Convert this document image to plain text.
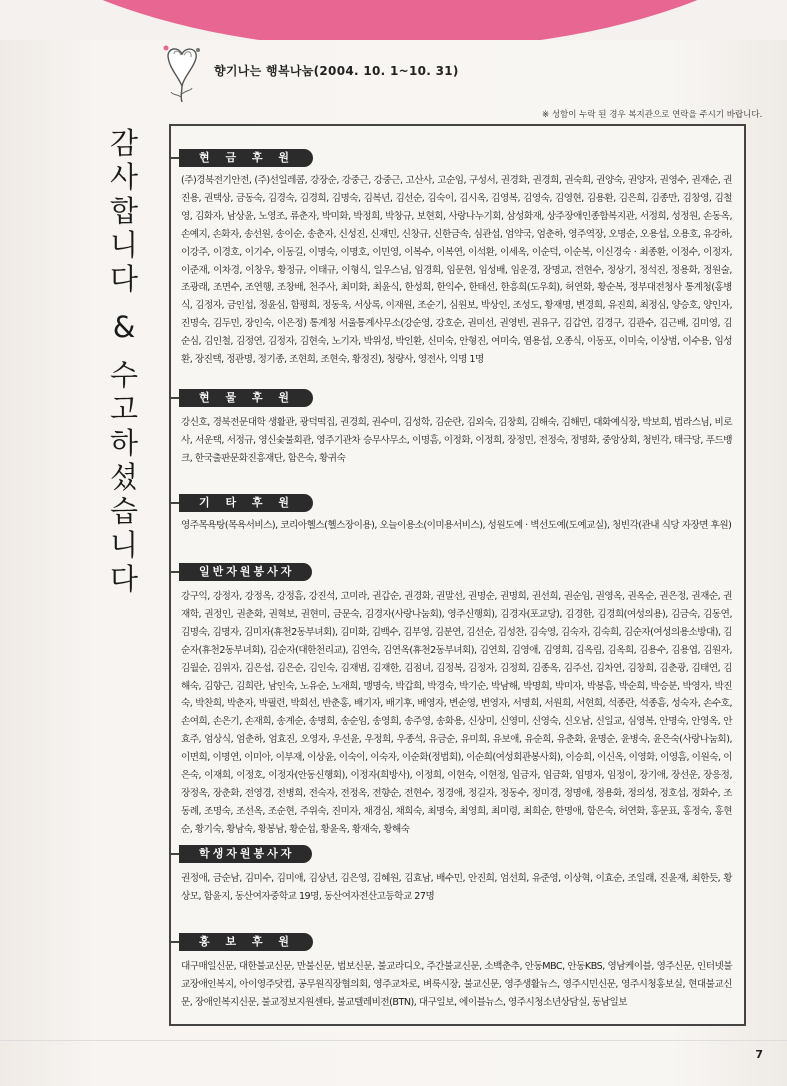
향기나는 행복나눔(2004. 10. 1~10. 31)
※ 성함이 누락 된 경우 복지관으로 연락을 주시기 바랍니다.
감
사
합
니
다
&
수
고
하
셨
습
니
다
현 금 후 원
(주)경북전기안전, (주)선일레콤, 강장순, 강중근, 강중근, 고산사, 고순임, 구성서, 권경화, 권경희, 권숙희, 권양숙, 권양자, 권영수, 권재순, 권진용, 권택상, 금동숙, 김경숙, 김경희, 김명숙, 김복년, 김선순, 김숙이, 김시옥, 김영복, 김영숙, 김영현, 김용환, 김은희, 김종만, 김창영, 김철영, 김화자, 남상윤, 노영조, 류춘자, 박미화, 박정희, 박창규, 보현회, 사랑나누기회, 삼성화재, 상주장애인종합복지관, 서정희, 성정원, 손동옥, 손예지, 손화자, 송선원, 송이순, 송춘자, 신성진, 신재민, 신창규, 신한금속, 심관섭, 엄약국, 엄춘하, 영주역장, 오명순, 오용섭, 오용호, 유강하, 이강주, 이경호, 이기수, 이동길, 이명숙, 이명호, 이민영, 이복수, 이복연, 이석환, 이세옥, 이순덕, 이순복, 이신경숙 · 최종환, 이정수, 이정자, 이준재, 이차경, 이창우, 황정규, 이태규, 이형식, 일우스님, 임경희, 임문현, 임성배, 임운경, 장명교, 전현수, 정상기, 정석진, 정용화, 정원술, 조광래, 조면수, 조연행, 조창배, 천주사, 최미화, 최윤식, 한성희, 한익수, 한태선, 한흥희(도우회), 허연화, 황순복, 정부대전청사 통계청(홍병식, 김정자, 금인섭, 정윤심, 함평희, 정동욱, 서상록, 이재원, 조순기, 심원보, 박상인, 조성도, 황재명, 변경희, 유진희, 최정심, 양승호, 양인자, 진명숙, 김두민, 장인숙, 이은정) 통계청 서울통계사무소(강순영, 강호순, 권미선, 권영빈, 권유구, 김갑연, 김경구, 김관수, 김근배, 김미영, 김순심, 김인철, 김정연, 김정자, 김현숙, 노기자, 박위성, 박인환, 신미숙, 안형진, 여미숙, 염용섭, 오종식, 이동포, 이미숙, 이상범, 이수용, 임성환, 장진택, 정관명, 정기종, 조현희, 조현숙, 황정진), 청량사, 영전사, 익명 1명
현 물 후 원
강신호, 경북전문대학 생활관, 광덕떡집, 권경희, 권수미, 김성학, 김순란, 김외숙, 김창희, 김해숙, 김해민, 대화예식장, 박보희, 법라스님, 비로사, 서운택, 서정규, 영신숯불회관, 영주기관차 승무사무소, 이명흠, 이정화, 이정희, 장정민, 전정숙, 정명화, 중앙상회, 청빈각, 태극당, 푸드뱅크, 한국출판문화진흥재단, 함은숙, 황귀숙
기 타 후 원
영주목욕탕(목욕서비스), 코리아헬스(헬스장이용), 오늘이용소(이미용서비스), 성원도예 · 벽선도예(도예교실), 청빈각(관내 식당 자장면 후원)
일반자원봉사자
강구익, 강정자, 강정옥, 강정흠, 강진석, 고미라, 권갑순, 권경화, 권말선, 권명순, 권명희, 권선희, 권순임, 권영옥, 권옥순, 권은정, 권재순, 권재학, 권정인, 권춘화, 권혁보, 권현미, 금문숙, 김경자(사랑나눔회), 영주신행회), 김경자(포교당), 김경한, 김경희(여성의용), 김금숙, 김동연, 김명숙, 김명자, 김미자(휴천2동부녀회), 김미화, 김백수, 김부영, 김분연, 김선순, 김성찬, 김숙영, 김숙자, 김숙희, 김순자(여성의용소방대), 김순자(휴천2동부녀회), 김순자(대한천리교), 김연숙, 김연옥(휴천2동부녀회), 김연희, 김영애, 김영희, 김옥림, 김옥희, 김용수, 김용엽, 김원자, 김월순, 김위자, 김은섭, 김은순, 김인숙, 김재범, 김재한, 김점녀, 김정복, 김정자, 김정희, 김종옥, 김주선, 김차연, 김창희, 김춘광, 김태연, 김해숙, 김향근, 김희란, 남인숙, 노유순, 노재희, 맹명숙, 박갑희, 박경숙, 박기순, 박남해, 박명희, 박미자, 박봉흠, 박순희, 박승분, 박영자, 박진숙, 박찬희, 박춘자, 박필련, 박희선, 반춘홍, 배기자, 배기후, 배영자, 변순영, 변영자, 서명희, 서원희, 서현희, 석종란, 석종흠, 성숙자, 손수호, 손여희, 손은기, 손재희, 송계순, 송명희, 송순임, 송영희, 송주영, 송화용, 신상미, 신영미, 신영숙, 신오남, 신일교, 심영복, 안명숙, 안영옥, 안효주, 엄상식, 엄춘하, 엄효진, 오영자, 우선윤, 우정희, 우종석, 유금순, 유미희, 유보애, 유순희, 유춘화, 윤명순, 윤병숙, 윤은숙(사랑나눔회), 이면희, 이명연, 이미아, 이부재, 이상윤, 이숙이, 이숙자, 이순화(정법회), 이순희(여성회관봉사회), 이승희, 이신옥, 이영화, 이영흠, 이원숙, 이은숙, 이재희, 이정호, 이정자(안동신행회), 이정자(희방사), 이정희, 이현숙, 이현정, 임금자, 임금화, 임명자, 임정이, 장기애, 장선운, 장응정, 장정옥, 장춘화, 전영경, 전병희, 전숙자, 전정옥, 전향순, 전현수, 정경애, 정길자, 정동수, 정미경, 정명애, 정용화, 정의성, 정호섭, 정화수, 조동례, 조명숙, 조선옥, 조순현, 주위숙, 진미자, 채경심, 채희숙, 최명숙, 최영희, 최미령, 최희순, 한명애, 함은숙, 허연화, 홍문표, 홍정숙, 홍현순, 황기숙, 황남숙, 황봉남, 황순섭, 황윤옥, 황재숙, 황해숙
학생자원봉사자
권정애, 금순남, 김미수, 김미애, 김상년, 김은영, 김혜원, 김효남, 배수민, 안진희, 엄선희, 유준영, 이상혁, 이효순, 조일래, 진윤재, 최한듯, 황상모, 함윤지, 동산여자중학교 19명, 동산여자전산고등학교 27명
홍 보 후 원
대구매일신문, 대한불교신문, 만불신문, 법보신문, 불교라디오, 주간불교신문, 소백춘추, 안동MBC, 안동KBS, 영남케이블, 영주신문, 인터넷불교장애인복지, 아이영주닷컴, 공무원직장협의회, 영주교차로, 벼룩시장, 불교신문, 영주생활뉴스, 영주시민신문, 영주시청홍보실, 현대불교신문, 장애인복지신문, 불교정보지원센타, 불교텔레비전(BTN), 대구일보, 에이블뉴스, 영주시청소년상담실, 동남일보
7
